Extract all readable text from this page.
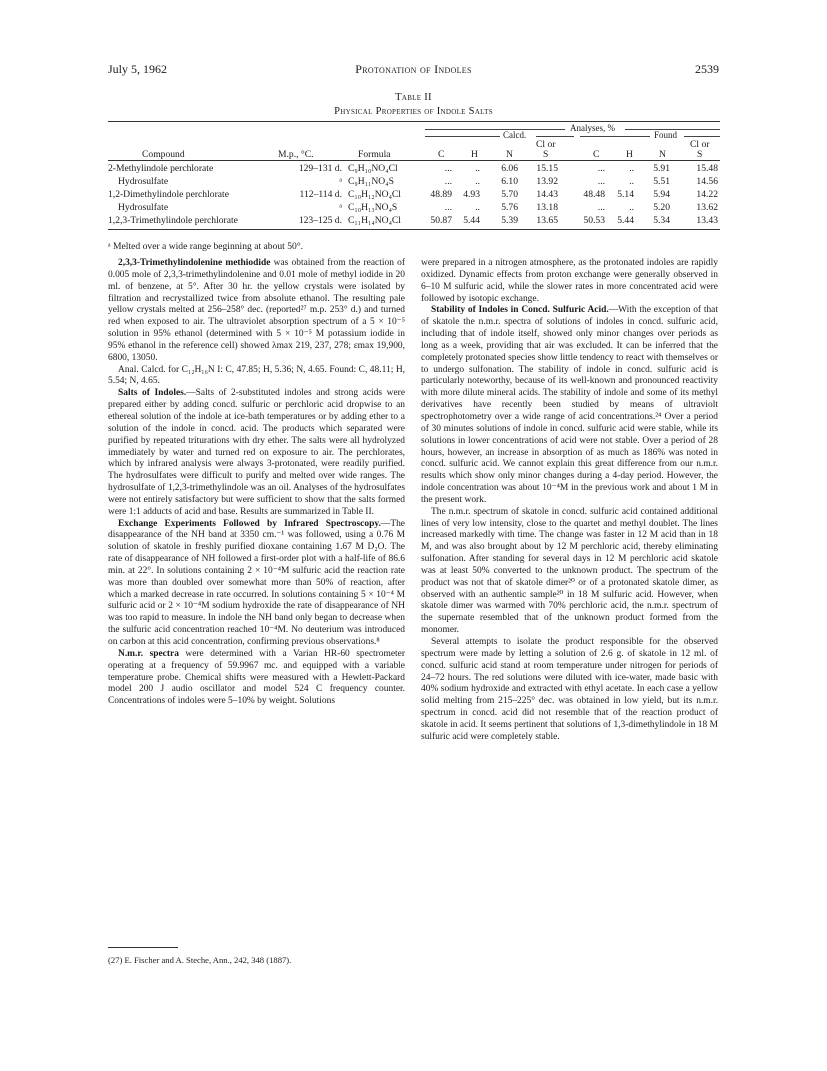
July 5, 1962	Protonation of Indoles	2539
Table II
Physical Properties of Indole Salts
Analyses, %
Calcd.	Found
Compound	M.p., °C.	Formula	C	H	N
Cl or
S	C	H	N
Cl or
S
2-Methylindole perchlorate	129–131 d. C₉H₁₀NO₄Cl	...	..	6.06	15.15	...	..	5.91	15.48
Hydrosulfate	ᵃ C₉H₁₁NO₄S	...	..	6.10	13.92	...	..	5.51	14.56
1,2-Dimethylindole perchlorate	112–114 d. C₁₀H₁₂NO₄Cl	48.89	4.93	5.70	14.43	48.48	5.14	5.94	14.22
Hydrosulfate	ᵃ C₁₀H₁₃NO₄S	...	..	5.76	13.18	...	..	5.20	13.62
1,2,3-Trimethylindole perchlorate	123–125 d. C₁₁H₁₄NO₄Cl	50.87	5.44	5.39	13.65	50.53	5.44	5.34	13.43
ᵃ Melted over a wide range beginning at about 50°.

2,3,3-Trimethylindolenine methiodide was obtained from the reaction of 0.005 mole of 2,3,3-trimethylindolenine and 0.01 mole of methyl iodide in 20 ml. of benzene, at 5°. After 30 hr. the yellow crystals were isolated by filtration and recrystallized twice from absolute ethanol. The resulting pale yellow crystals melted at 256–258° dec. (reported²⁷ m.p. 253° d.) and turned red when exposed to air. The ultraviolet absorption spectrum of a 5 × 10⁻⁵ solution in 95% ethanol (determined with 5 × 10⁻⁵ M potassium iodide in 95% ethanol in the reference cell) showed λmax 219, 237, 278; εmax 19,900, 6800, 13050.

Anal. Calcd. for C₁₂H₁₆N I: C, 47.85; H, 5.36; N, 4.65. Found: C, 48.11; H, 5.54; N, 4.65.

Salts of Indoles.—Salts of 2-substituted indoles and strong acids were prepared either by adding concd. sulfuric or perchloric acid dropwise to an ethereal solution of the indole at ice-bath temperatures or by adding ether to a solution of the indole in concd. acid. The products which separated were purified by repeated triturations with dry ether. The salts were all hydrolyzed immediately by water and turned red on exposure to air. The perchlorates, which by infrared analysis were always 3-protonated, were readily purified. The hydrosulfates were difficult to purify and melted over wide ranges. The hydrosulfate of 1,2,3-trimethylindole was an oil. Analyses of the hydrosulfates were not entirely satisfactory but were sufficient to show that the salts formed were 1:1 adducts of acid and base. Results are summarized in Table II.

Exchange Experiments Followed by Infrared Spectroscopy.—The disappearance of the NH band at 3350 cm.⁻¹ was followed, using a 0.76 M solution of skatole in freshly purified dioxane containing 1.67 M D₂O. The rate of disappearance of NH followed a first-order plot with a half-life of 86.6 min. at 22°. In solutions containing 2 × 10⁻⁴M sulfuric acid the reaction rate was more than doubled over somewhat more than 50% of reaction, after which a marked decrease in rate occurred. In solutions containing 5 × 10⁻⁴ M sulfuric acid or 2 × 10⁻⁴M sodium hydroxide the rate of disappearance of NH was too rapid to measure. In indole the NH band only began to decrease when the sulfuric acid concentration reached 10⁻⁴M. No deuterium was introduced on carbon at this acid concentration, confirming previous observations.⁸

N.m.r. spectra were determined with a Varian HR-60 spectrometer operating at a frequency of 59.9967 mc. and equipped with a variable temperature probe. Chemical shifts were measured with a Hewlett-Packard model 200 J audio oscillator and model 524 C frequency counter. Concentrations of indoles were 5–10% by weight. Solutions

were prepared in a nitrogen atmosphere, as the protonated indoles are rapidly oxidized. Dynamic effects from proton exchange were generally observed in 6–10 M sulfuric acid, while the slower rates in more concentrated acid were followed by isotopic exchange.

Stability of Indoles in Concd. Sulfuric Acid.—With the exception of that of skatole the n.m.r. spectra of solutions of indoles in concd. sulfuric acid, including that of indole itself, showed only minor changes over periods as long as a week, providing that air was excluded. It can be inferred that the completely protonated species show little tendency to react with themselves or to undergo sulfonation. The stability of indole in concd. sulfuric acid is particularly noteworthy, because of its well-known and pronounced reactivity with more dilute mineral acids. The stability of indole and some of its methyl derivatives have recently been studied by means of ultraviolt spectrophotometry over a wide range of acid concentrations.²⁴ Over a period of 30 minutes solutions of indole in concd. sulfuric acid were stable, while its solutions in lower concentrations of acid were not stable. Over a period of 28 hours, however, an increase in absorption of as much as 186% was noted in concd. sulfuric acid. We cannot explain this great difference from our n.m.r. results which show only minor changes during a 4-day period. However, the indole concentration was about 10⁻⁴M in the previous work and about 1 M in the present work.

The n.m.r. spectrum of skatole in concd. sulfuric acid contained additional lines of very low intensity, close to the quartet and methyl doublet. The lines increased markedly with time. The change was faster in 12 M acid than in 18 M, and was also brought about by 12 M perchloric acid, thereby eliminating sulfonation. After standing for several days in 12 M perchloric acid skatole was at least 50% converted to the unknown product. The spectrum of the product was not that of skatole dimer²⁰ or of a protonated skatole dimer, as observed with an authentic sample²⁰ in 18 M sulfuric acid. However, when skatole dimer was warmed with 70% perchloric acid, the n.m.r. spectrum of the supernate resembled that of the unknown product formed from the monomer.

Several attempts to isolate the product responsible for the observed spectrum were made by letting a solution of 2.6 g. of skatole in 12 ml. of concd. sulfuric acid stand at room temperature under nitrogen for periods of 24–72 hours. The red solutions were diluted with ice-water, made basic with 40% sodium hydroxide and extracted with ethyl acetate. In each case a yellow solid melting from 215–225° dec. was obtained in low yield, but its n.m.r. spectrum in concd. acid did not resemble that of the reaction product of skatole in acid. It seems pertinent that solutions of 1,3-dimethylindole in 18 M sulfuric acid were completely stable.

(27) E. Fischer and A. Steche, Ann., 242, 348 (1887).
